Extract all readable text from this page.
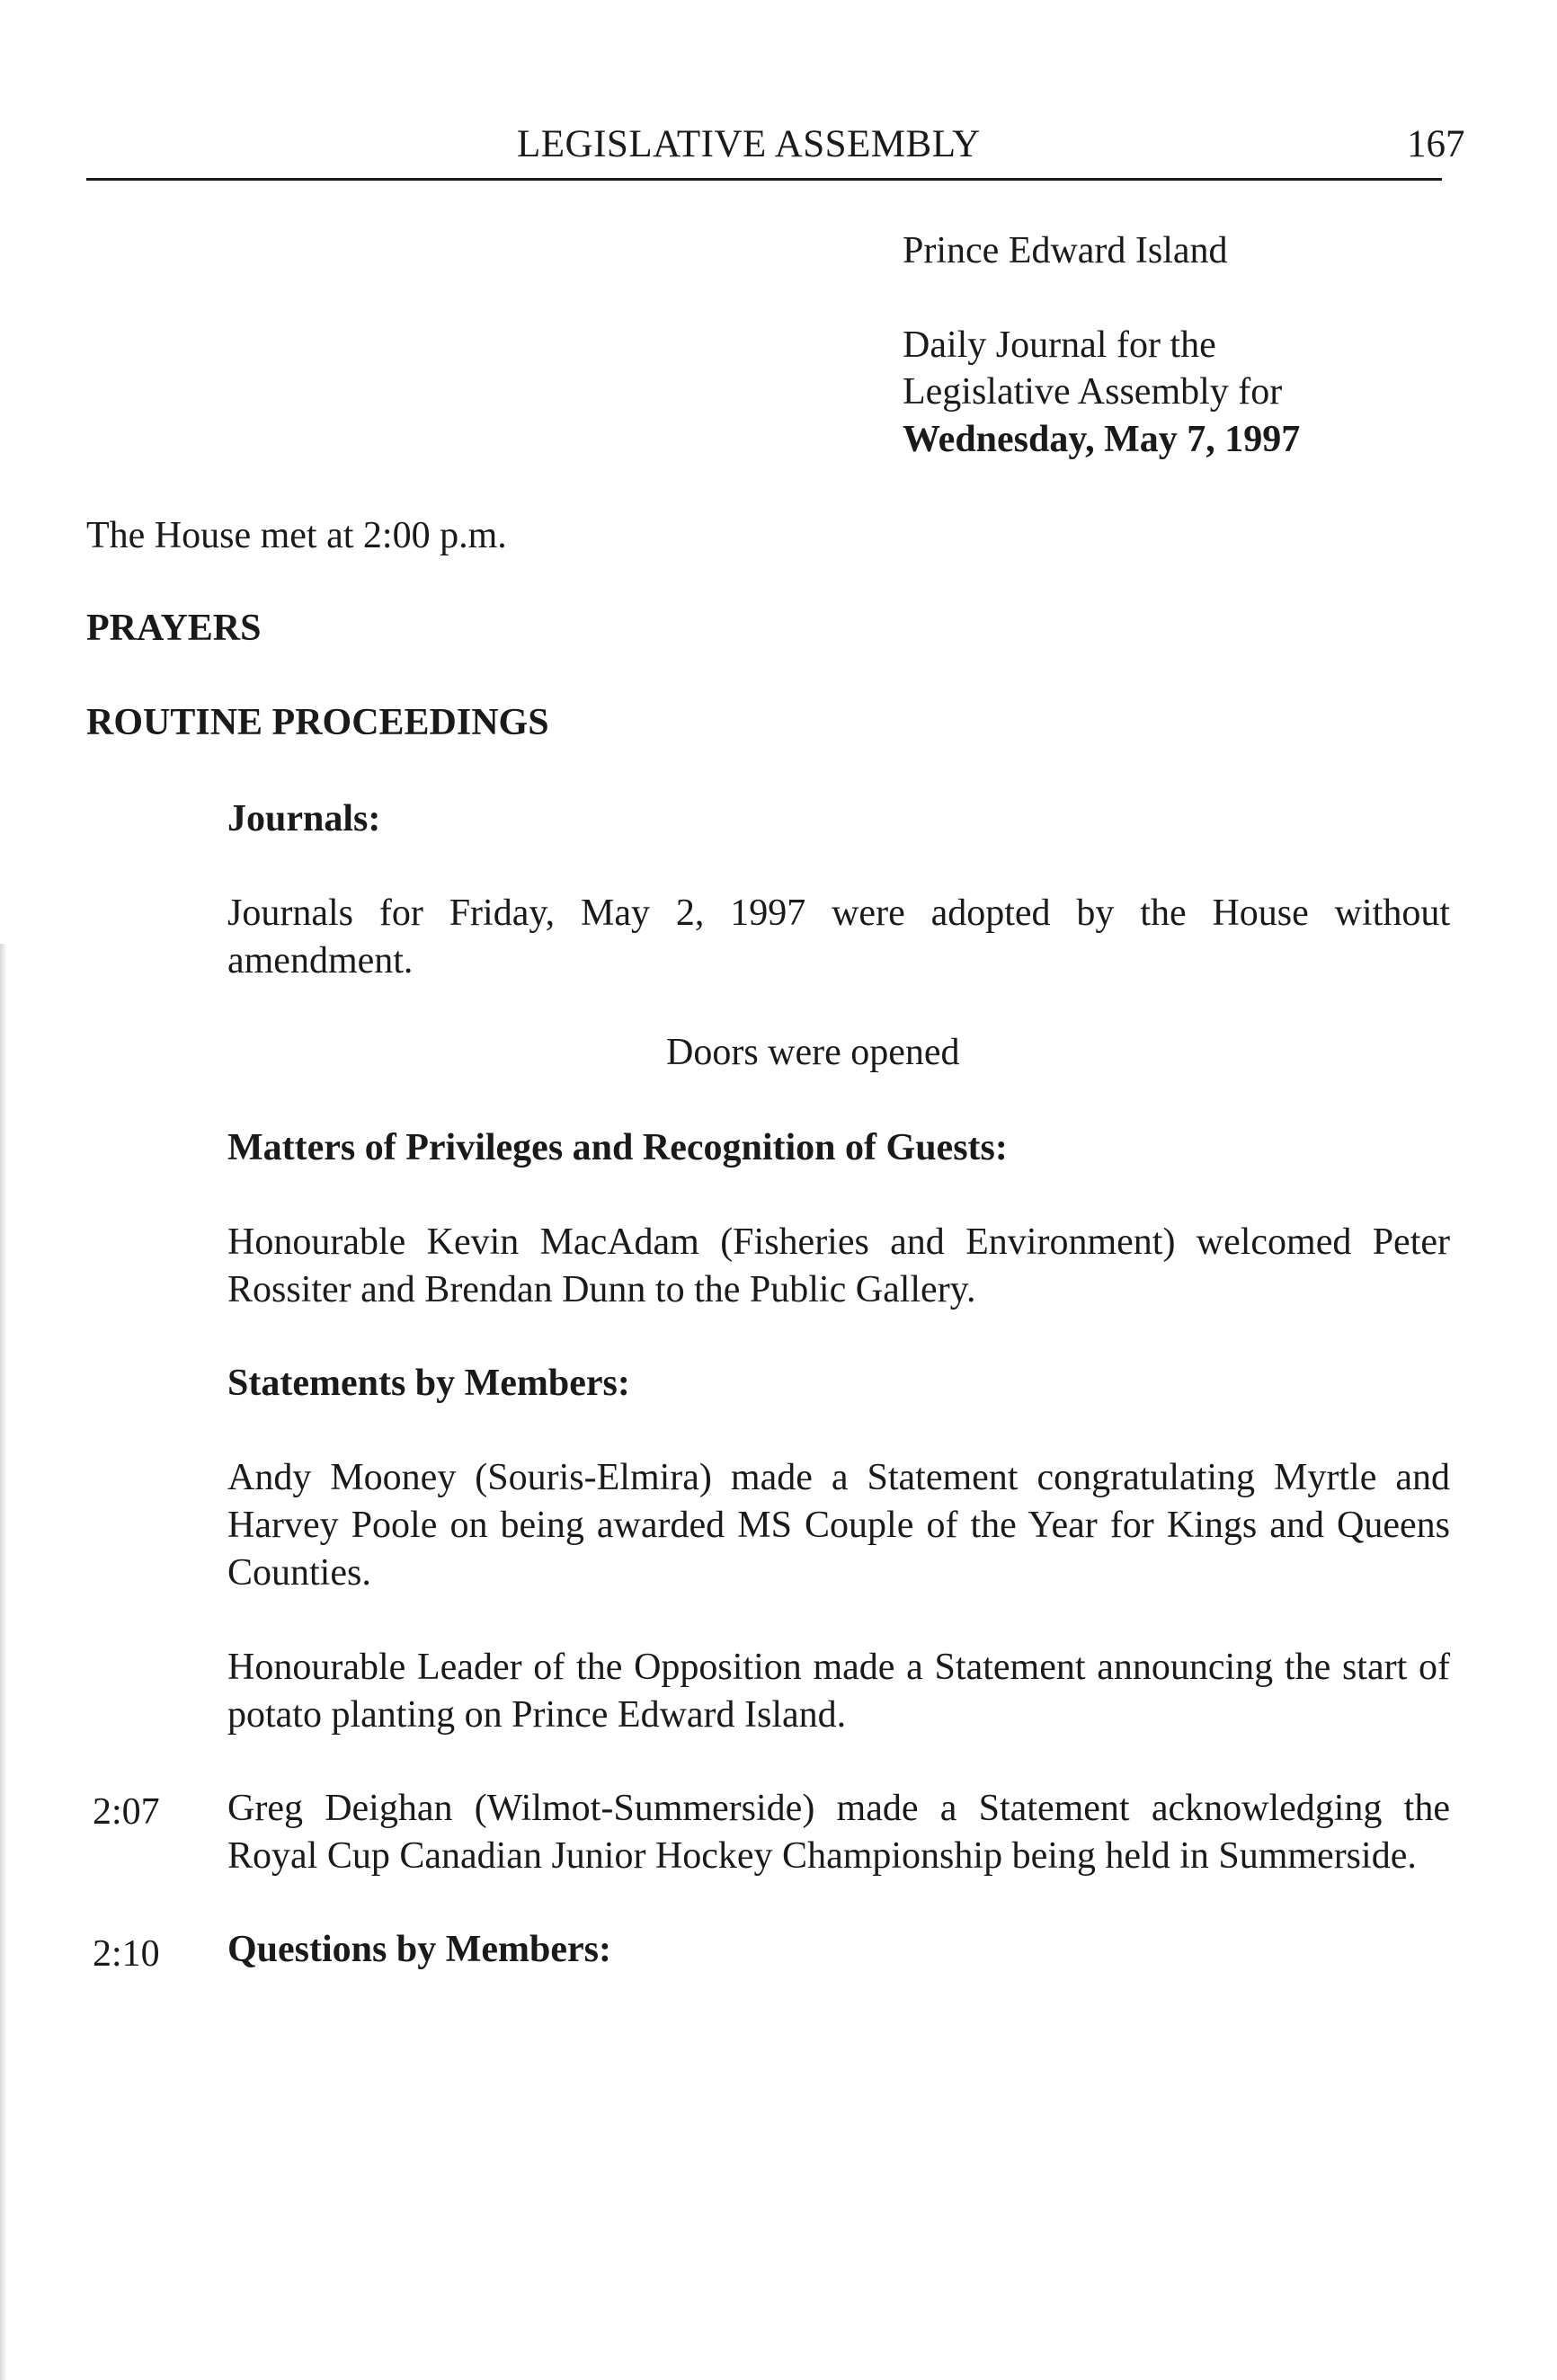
LEGISLATIVE ASSEMBLY	167
Prince Edward Island
Daily Journal for the
Legislative Assembly for
Wednesday, May 7, 1997
The House met at 2:00 p.m.
PRAYERS
ROUTINE PROCEEDINGS
Journals:
Journals for Friday, May 2, 1997 were adopted by the House without amendment.
Doors were opened
Matters of Privileges and Recognition of Guests:
Honourable Kevin MacAdam (Fisheries and Environment) welcomed Peter Rossiter and Brendan Dunn to the Public Gallery.
Statements by Members:
Andy Mooney (Souris-Elmira) made a Statement congratulating Myrtle and Harvey Poole on being awarded MS Couple of the Year for Kings and Queens Counties.
Honourable Leader of the Opposition made a Statement announcing the start of potato planting on Prince Edward Island.
2:07 Greg Deighan (Wilmot-Summerside) made a Statement acknowledging the Royal Cup Canadian Junior Hockey Championship being held in Summerside.
2:10 Questions by Members:
